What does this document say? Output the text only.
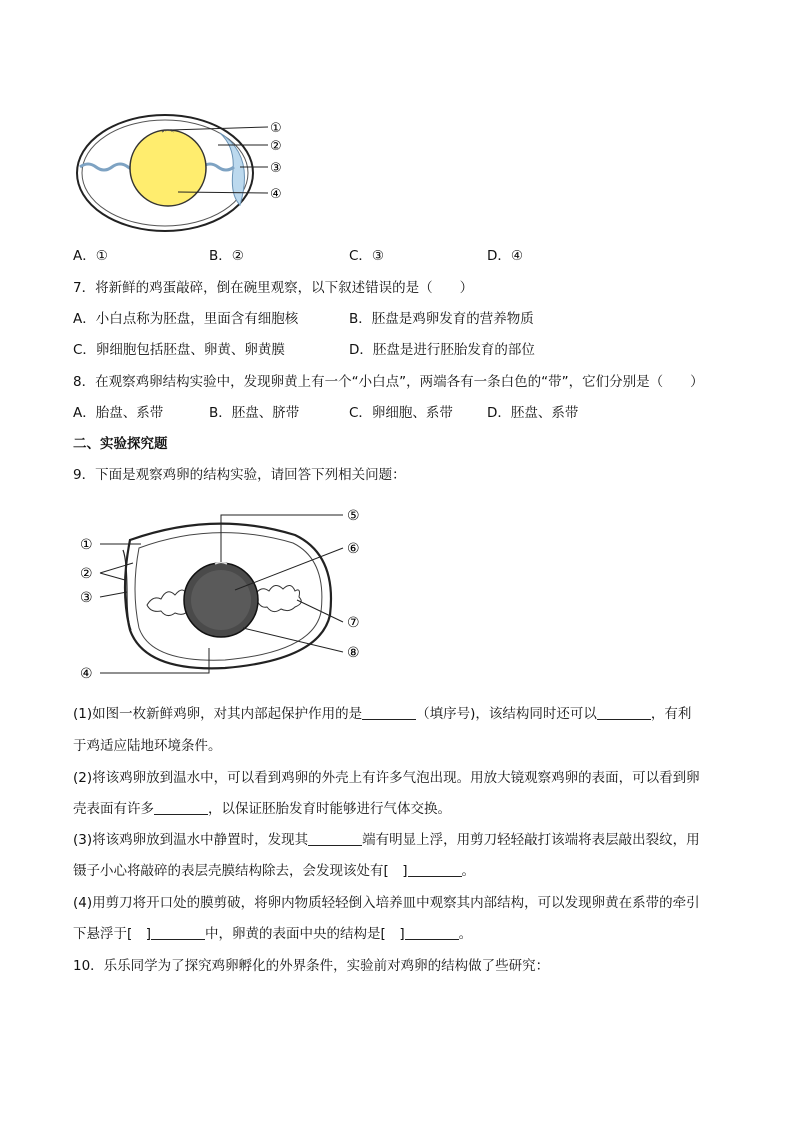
①
②
③
④
A．①	B．②	C．③	D．④
7．将新鲜的鸡蛋敲碎，倒在碗里观察，以下叙述错误的是（　　）
A．小白点称为胚盘，里面含有细胞核	B．胚盘是鸡卵发育的营养物质
C．卵细胞包括胚盘、卵黄、卵黄膜	D．胚盘是进行胚胎发育的部位
8．在观察鸡卵结构实验中，发现卵黄上有一个“小白点”，两端各有一条白色的“带”，它们分别是（　　）
A．胎盘、系带	B．胚盘、脐带	C．卵细胞、系带	D．胚盘、系带
二、实验探究题
9．下面是观察鸡卵的结构实验，请回答下列相关问题：
①
②
③
④
⑤
⑥
⑦
⑧
(1)如图一枚新鲜鸡卵，对其内部起保护作用的是	（填序号)，该结构同时还可以	，有利
于鸡适应陆地环境条件。
(2)将该鸡卵放到温水中，可以看到鸡卵的外壳上有许多气泡出现。用放大镜观察鸡卵的表面，可以看到卵
壳表面有许多	，以保证胚胎发育时能够进行气体交换。
(3)将该鸡卵放到温水中静置时，发现其	端有明显上浮，用剪刀轻轻敲打该端将表层敲出裂纹，用
镊子小心将敲碎的表层壳膜结构除去，会发现该处有[　]	。
(4)用剪刀将开口处的膜剪破，将卵内物质轻轻倒入培养皿中观察其内部结构，可以发现卵黄在系带的牵引
下悬浮于[　]	中，卵黄的表面中央的结构是[　]	。
10．乐乐同学为了探究鸡卵孵化的外界条件，实验前对鸡卵的结构做了些研究：
